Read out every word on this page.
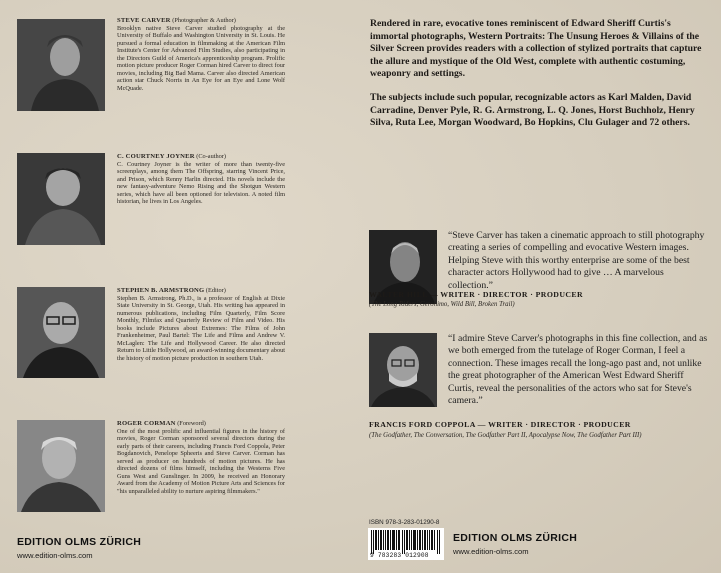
STEVE CARVER (Photographer & Author)

Brooklyn native Steve Carver studied photography at the University of Buffalo and Washington University in St. Louis. He pursued a formal education in filmmaking at the American Film Institute's Center for Advanced Film Studies, also participating in the Directors Guild of America's apprenticeship program. Prolific motion picture producer Roger Corman hired Carver to direct four movies, including Big Bad Mama. Carver also directed American action star Chuck Norris in An Eye for an Eye and Lone Wolf McQuade.

C. COURTNEY JOYNER (Co-author)

C. Courtney Joyner is the writer of more than twenty-five screenplays, among them The Offspring, starring Vincent Price, and Prison, which Renny Harlin directed. His novels include the new fantasy-adventure Nemo Rising and the Shotgun Western series, which have all been optioned for television. A noted film historian, he lives in Los Angeles.

STEPHEN B. ARMSTRONG (Editor)

Stephen B. Armstrong, Ph.D., is a professor of English at Dixie State University in St. George, Utah. His writing has appeared in numerous publications, including Film Quarterly, Film Score Monthly, Filmfax and Quarterly Review of Film and Video. His books include Pictures about Extremes: The Films of John Frankenheimer, Paul Bartel: The Life and Films and Andrew V. McLaglen: The Life and Hollywood Career. He also directed Return to Little Hollywood, an award-winning documentary about the history of motion picture production in southern Utah.

ROGER CORMAN (Foreword)

One of the most prolific and influential figures in the history of movies, Roger Corman sponsored several directors during the early parts of their careers, including Francis Ford Coppola, Peter Bogdanovich, Penelope Spheeris and Steve Carver. Corman has served as producer on hundreds of motion pictures. He has directed dozens of films himself, including the Westerns Five Guns West and Gunslinger. In 2009, he received an Honorary Award from the Academy of Motion Picture Arts and Sciences for "his unparalleled ability to nurture aspiring filmmakers."

EDITION OLMS ZÜRICH
www.edition-olms.com

Rendered in rare, evocative tones reminiscent of Edward Sheriff Curtis's immortal photographs, Western Portraits: The Unsung Heroes & Villains of the Silver Screen provides readers with a collection of stylized portraits that capture the allure and mystique of the Old West, complete with authentic costuming, weaponry and settings.

The subjects include such popular, recognizable actors as Karl Malden, David Carradine, Denver Pyle, R. G. Armstrong, L. Q. Jones, Horst Buchholz, Henry Silva, Ruta Lee, Morgan Woodward, Bo Hopkins, Clu Gulager and 72 others.

“Steve Carver has taken a cinematic approach to still photography creating a series of compelling and evocative Western images. Helping Steve with this worthy enterprise are some of the best character actors Hollywood had to give … A marvelous collection.”
WALTER HILL — WRITER · DIRECTOR · PRODUCER
(The Long Riders, Geronimo, Wild Bill, Broken Trail)
“I admire Steve Carver's photographs in this fine collection, and as we both emerged from the tutelage of Roger Corman, I feel a connection. These images recall the long-ago past and, not unlike the great photographer of the American West Edward Sheriff Curtis, reveal the personalities of the actors who sat for Steve's camera.”
FRANCIS FORD COPPOLA — WRITER · DIRECTOR · PRODUCER
(The Godfather, The Conversation, The Godfather Part II, Apocalypse Now, The Godfather Part III)
ISBN 978-3-283-01290-8
9 783283 012908
EDITION OLMS ZÜRICH
www.edition-olms.com
